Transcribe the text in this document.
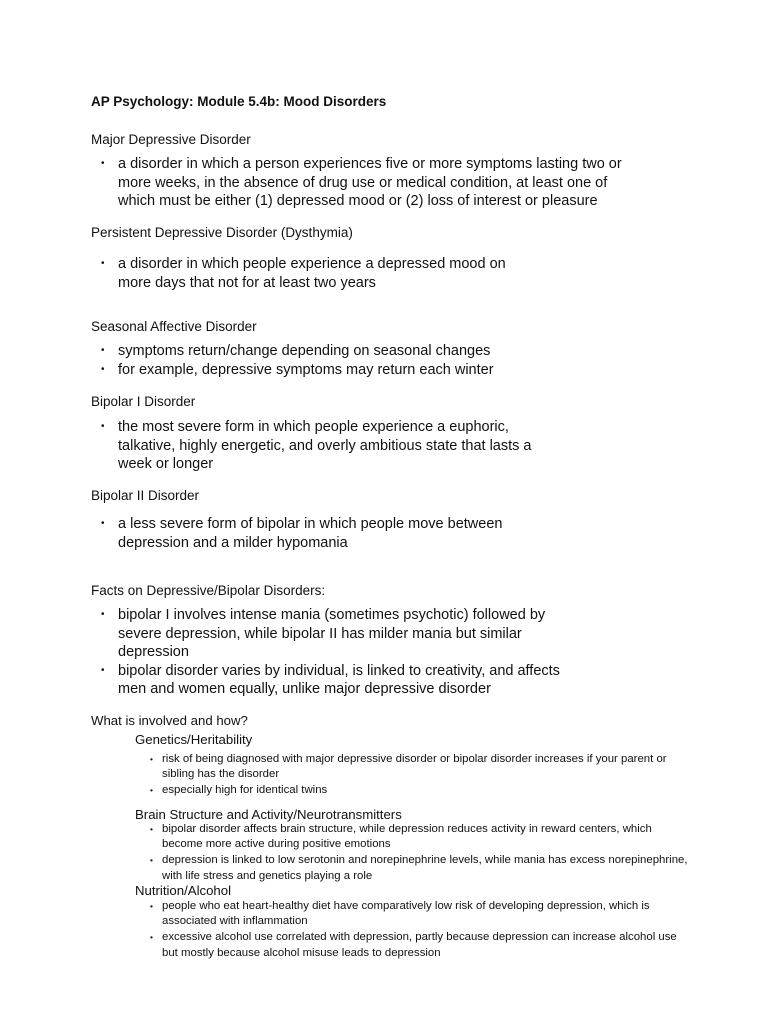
AP Psychology: Module 5.4b: Mood Disorders
Major Depressive Disorder
• a disorder in which a person experiences five or more symptoms lasting two or more weeks, in the absence of drug use or medical condition, at least one of which must be either (1) depressed mood or (2) loss of interest or pleasure
Persistent Depressive Disorder (Dysthymia)
• a disorder in which people experience a depressed mood on more days that not for at least two years
Seasonal Affective Disorder
• symptoms return/change depending on seasonal changes
• for example, depressive symptoms may return each winter
Bipolar I Disorder
• the most severe form in which people experience a euphoric, talkative, highly energetic, and overly ambitious state that lasts a week or longer
Bipolar II Disorder
• a less severe form of bipolar in which people move between depression and a milder hypomania
Facts on Depressive/Bipolar Disorders:
• bipolar I involves intense mania (sometimes psychotic) followed by severe depression, while bipolar II has milder mania but similar depression
• bipolar disorder varies by individual, is linked to creativity, and affects men and women equally, unlike major depressive disorder
What is involved and how?
Genetics/Heritability
• risk of being diagnosed with major depressive disorder or bipolar disorder increases if your parent or sibling has the disorder
• especially high for identical twins
Brain Structure and Activity/Neurotransmitters
• bipolar disorder affects brain structure, while depression reduces activity in reward centers, which become more active during positive emotions
• depression is linked to low serotonin and norepinephrine levels, while mania has excess norepinephrine, with life stress and genetics playing a role
Nutrition/Alcohol
• people who eat heart-healthy diet have comparatively low risk of developing depression, which is associated with inflammation
• excessive alcohol use correlated with depression, partly because depression can increase alcohol use but mostly because alcohol misuse leads to depression
